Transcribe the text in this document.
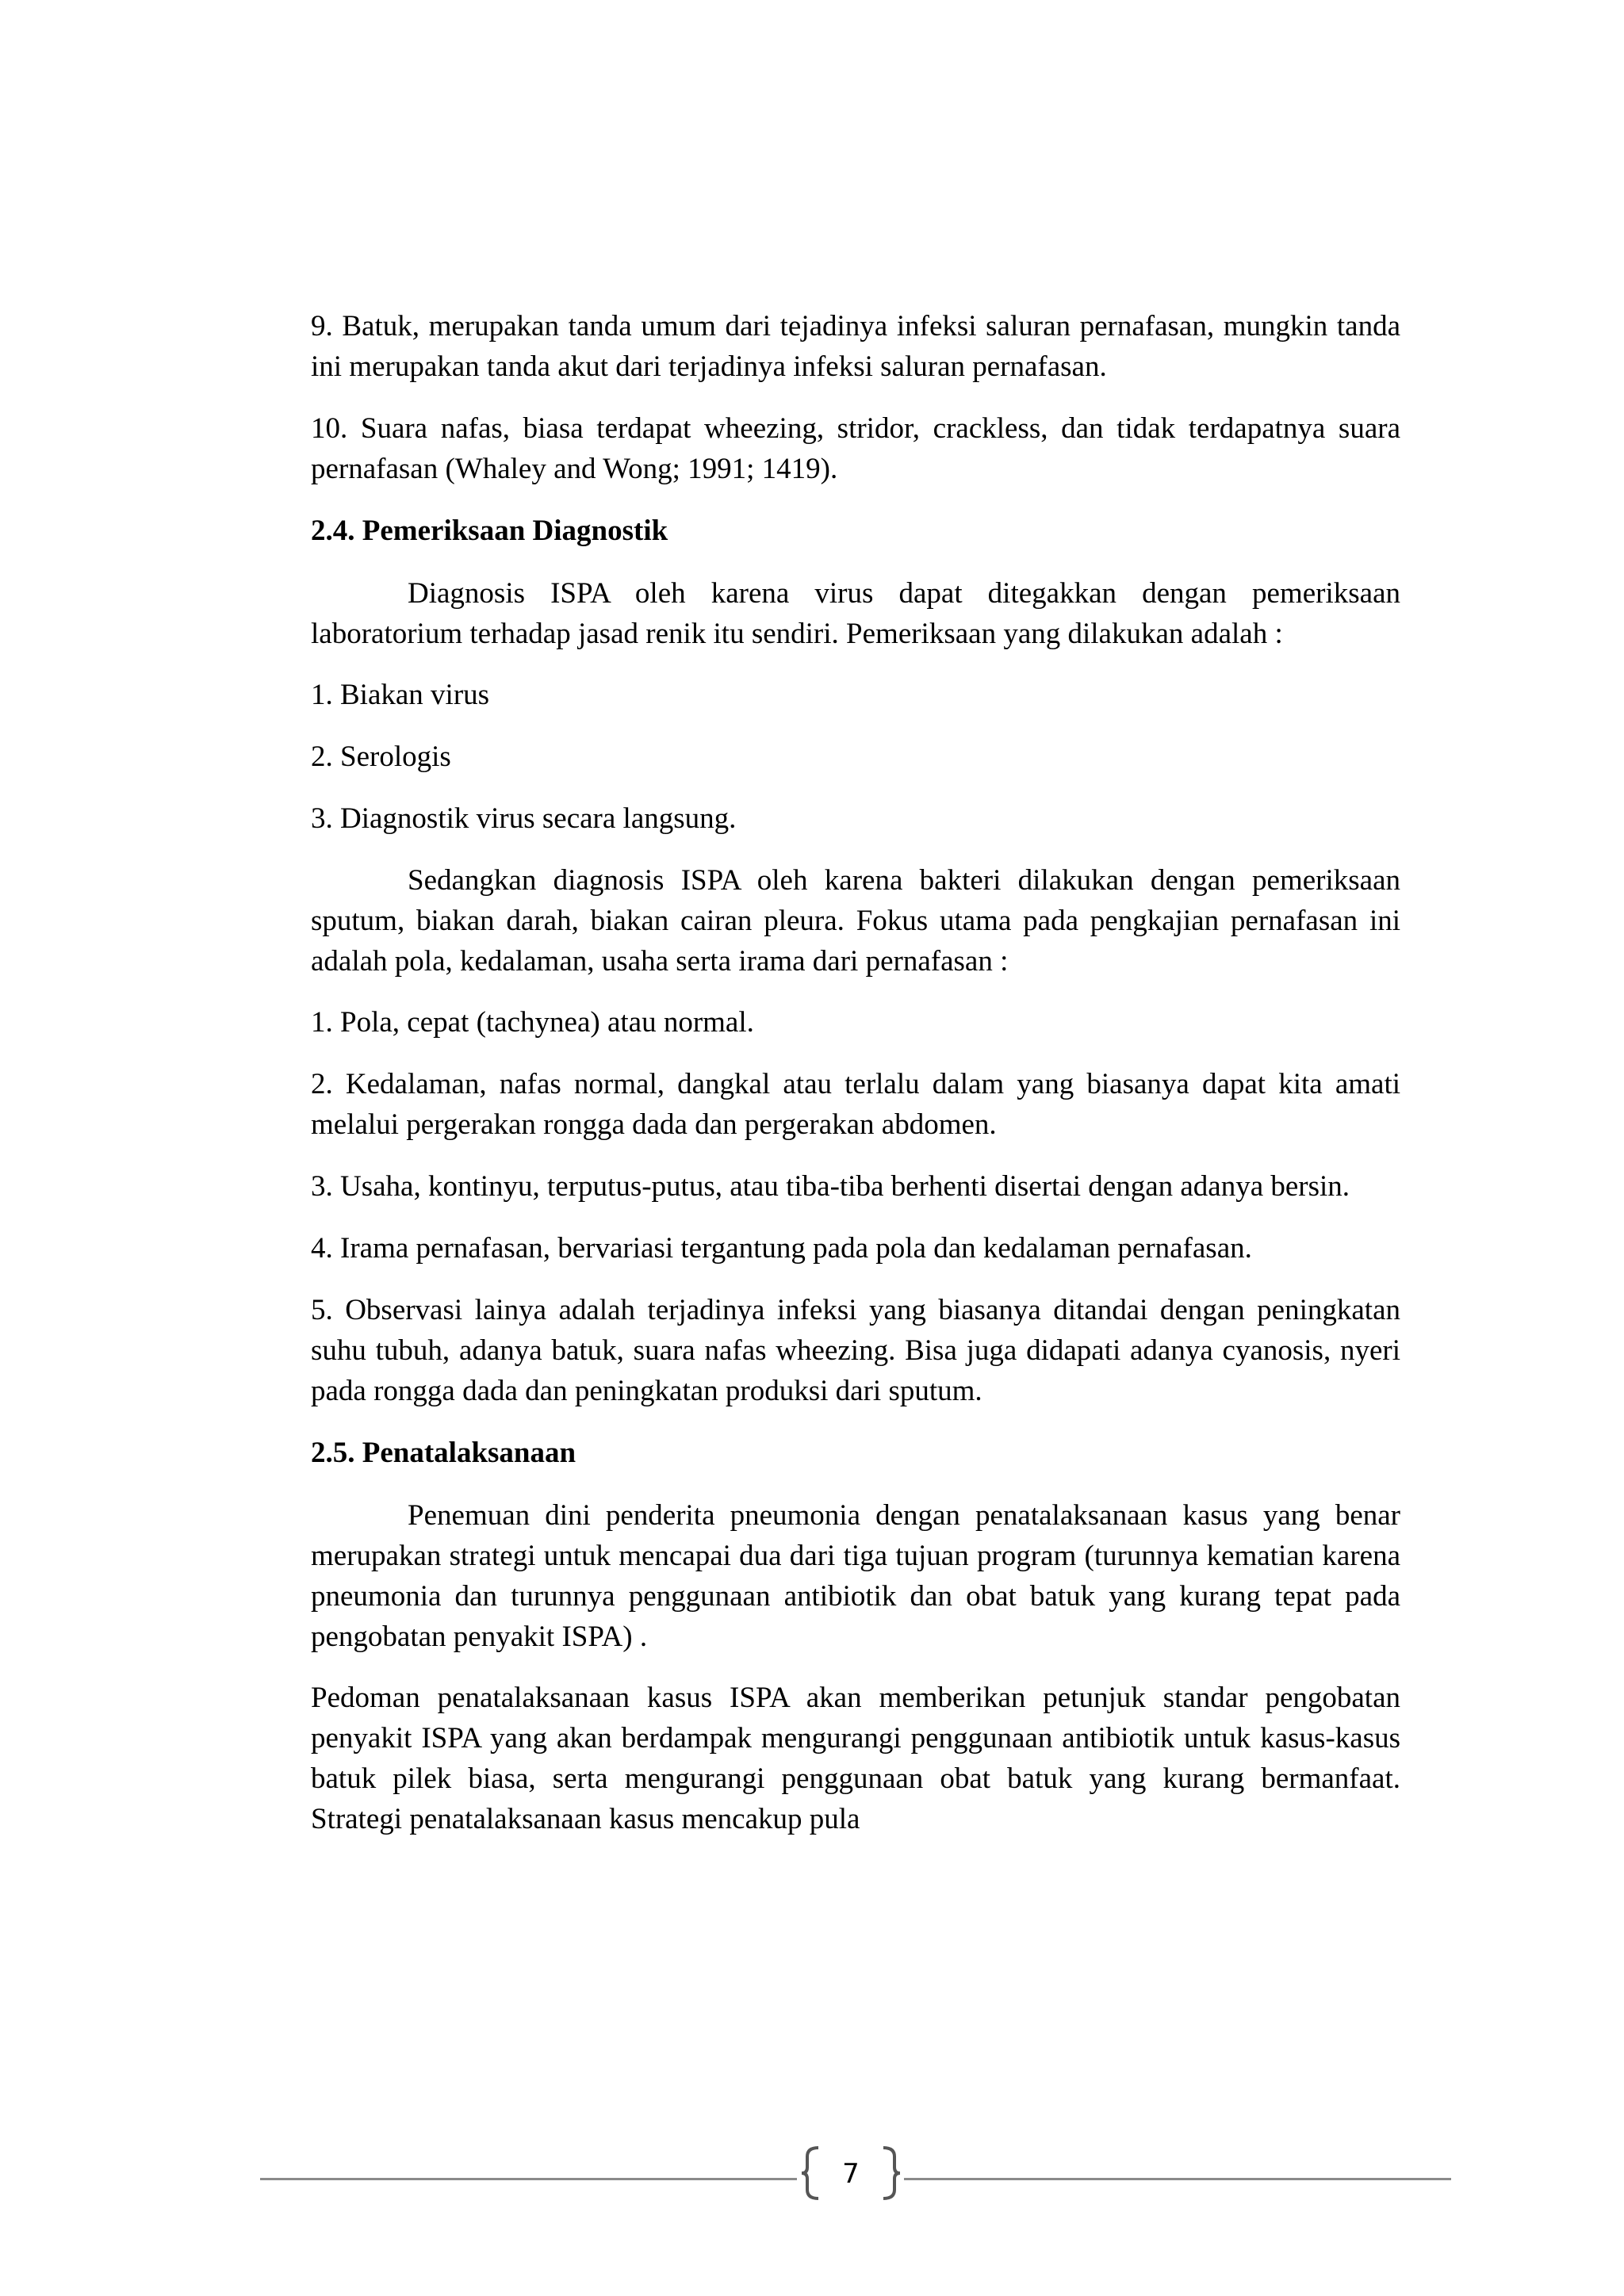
9. Batuk, merupakan tanda umum dari tejadinya infeksi saluran pernafasan, mungkin tanda ini merupakan tanda akut dari terjadinya infeksi saluran pernafasan.

10. Suara nafas, biasa terdapat wheezing, stridor, crackless, dan tidak terdapatnya suara pernafasan (Whaley and Wong; 1991; 1419).

2.4. Pemeriksaan Diagnostik

Diagnosis ISPA oleh karena virus dapat ditegakkan dengan pemeriksaan laboratorium terhadap jasad renik itu sendiri. Pemeriksaan yang dilakukan adalah :

1. Biakan virus

2. Serologis

3. Diagnostik virus secara langsung.

Sedangkan diagnosis ISPA oleh karena bakteri dilakukan dengan pemeriksaan sputum, biakan darah, biakan cairan pleura. Fokus utama pada pengkajian pernafasan ini adalah pola, kedalaman, usaha serta irama dari pernafasan :

1. Pola, cepat (tachynea) atau normal.

2. Kedalaman, nafas normal, dangkal atau terlalu dalam yang biasanya dapat kita amati melalui pergerakan rongga dada dan pergerakan abdomen.

3. Usaha, kontinyu, terputus-putus, atau tiba-tiba berhenti disertai dengan adanya bersin.

4. Irama pernafasan, bervariasi tergantung pada pola dan kedalaman pernafasan.

5. Observasi lainya adalah terjadinya infeksi yang biasanya ditandai dengan peningkatan suhu tubuh, adanya batuk, suara nafas wheezing. Bisa juga didapati adanya cyanosis, nyeri pada rongga dada dan peningkatan produksi dari sputum.

2.5. Penatalaksanaan

Penemuan dini penderita pneumonia dengan penatalaksanaan kasus yang benar merupakan strategi untuk mencapai dua dari tiga tujuan program (turunnya kematian karena pneumonia dan turunnya penggunaan antibiotik dan obat batuk yang kurang tepat pada pengobatan penyakit ISPA) .

Pedoman penatalaksanaan kasus ISPA akan memberikan petunjuk standar pengobatan penyakit ISPA yang akan berdampak mengurangi penggunaan antibiotik untuk kasus-kasus batuk pilek biasa, serta mengurangi penggunaan obat batuk yang kurang bermanfaat. Strategi penatalaksanaan kasus mencakup pula

7
